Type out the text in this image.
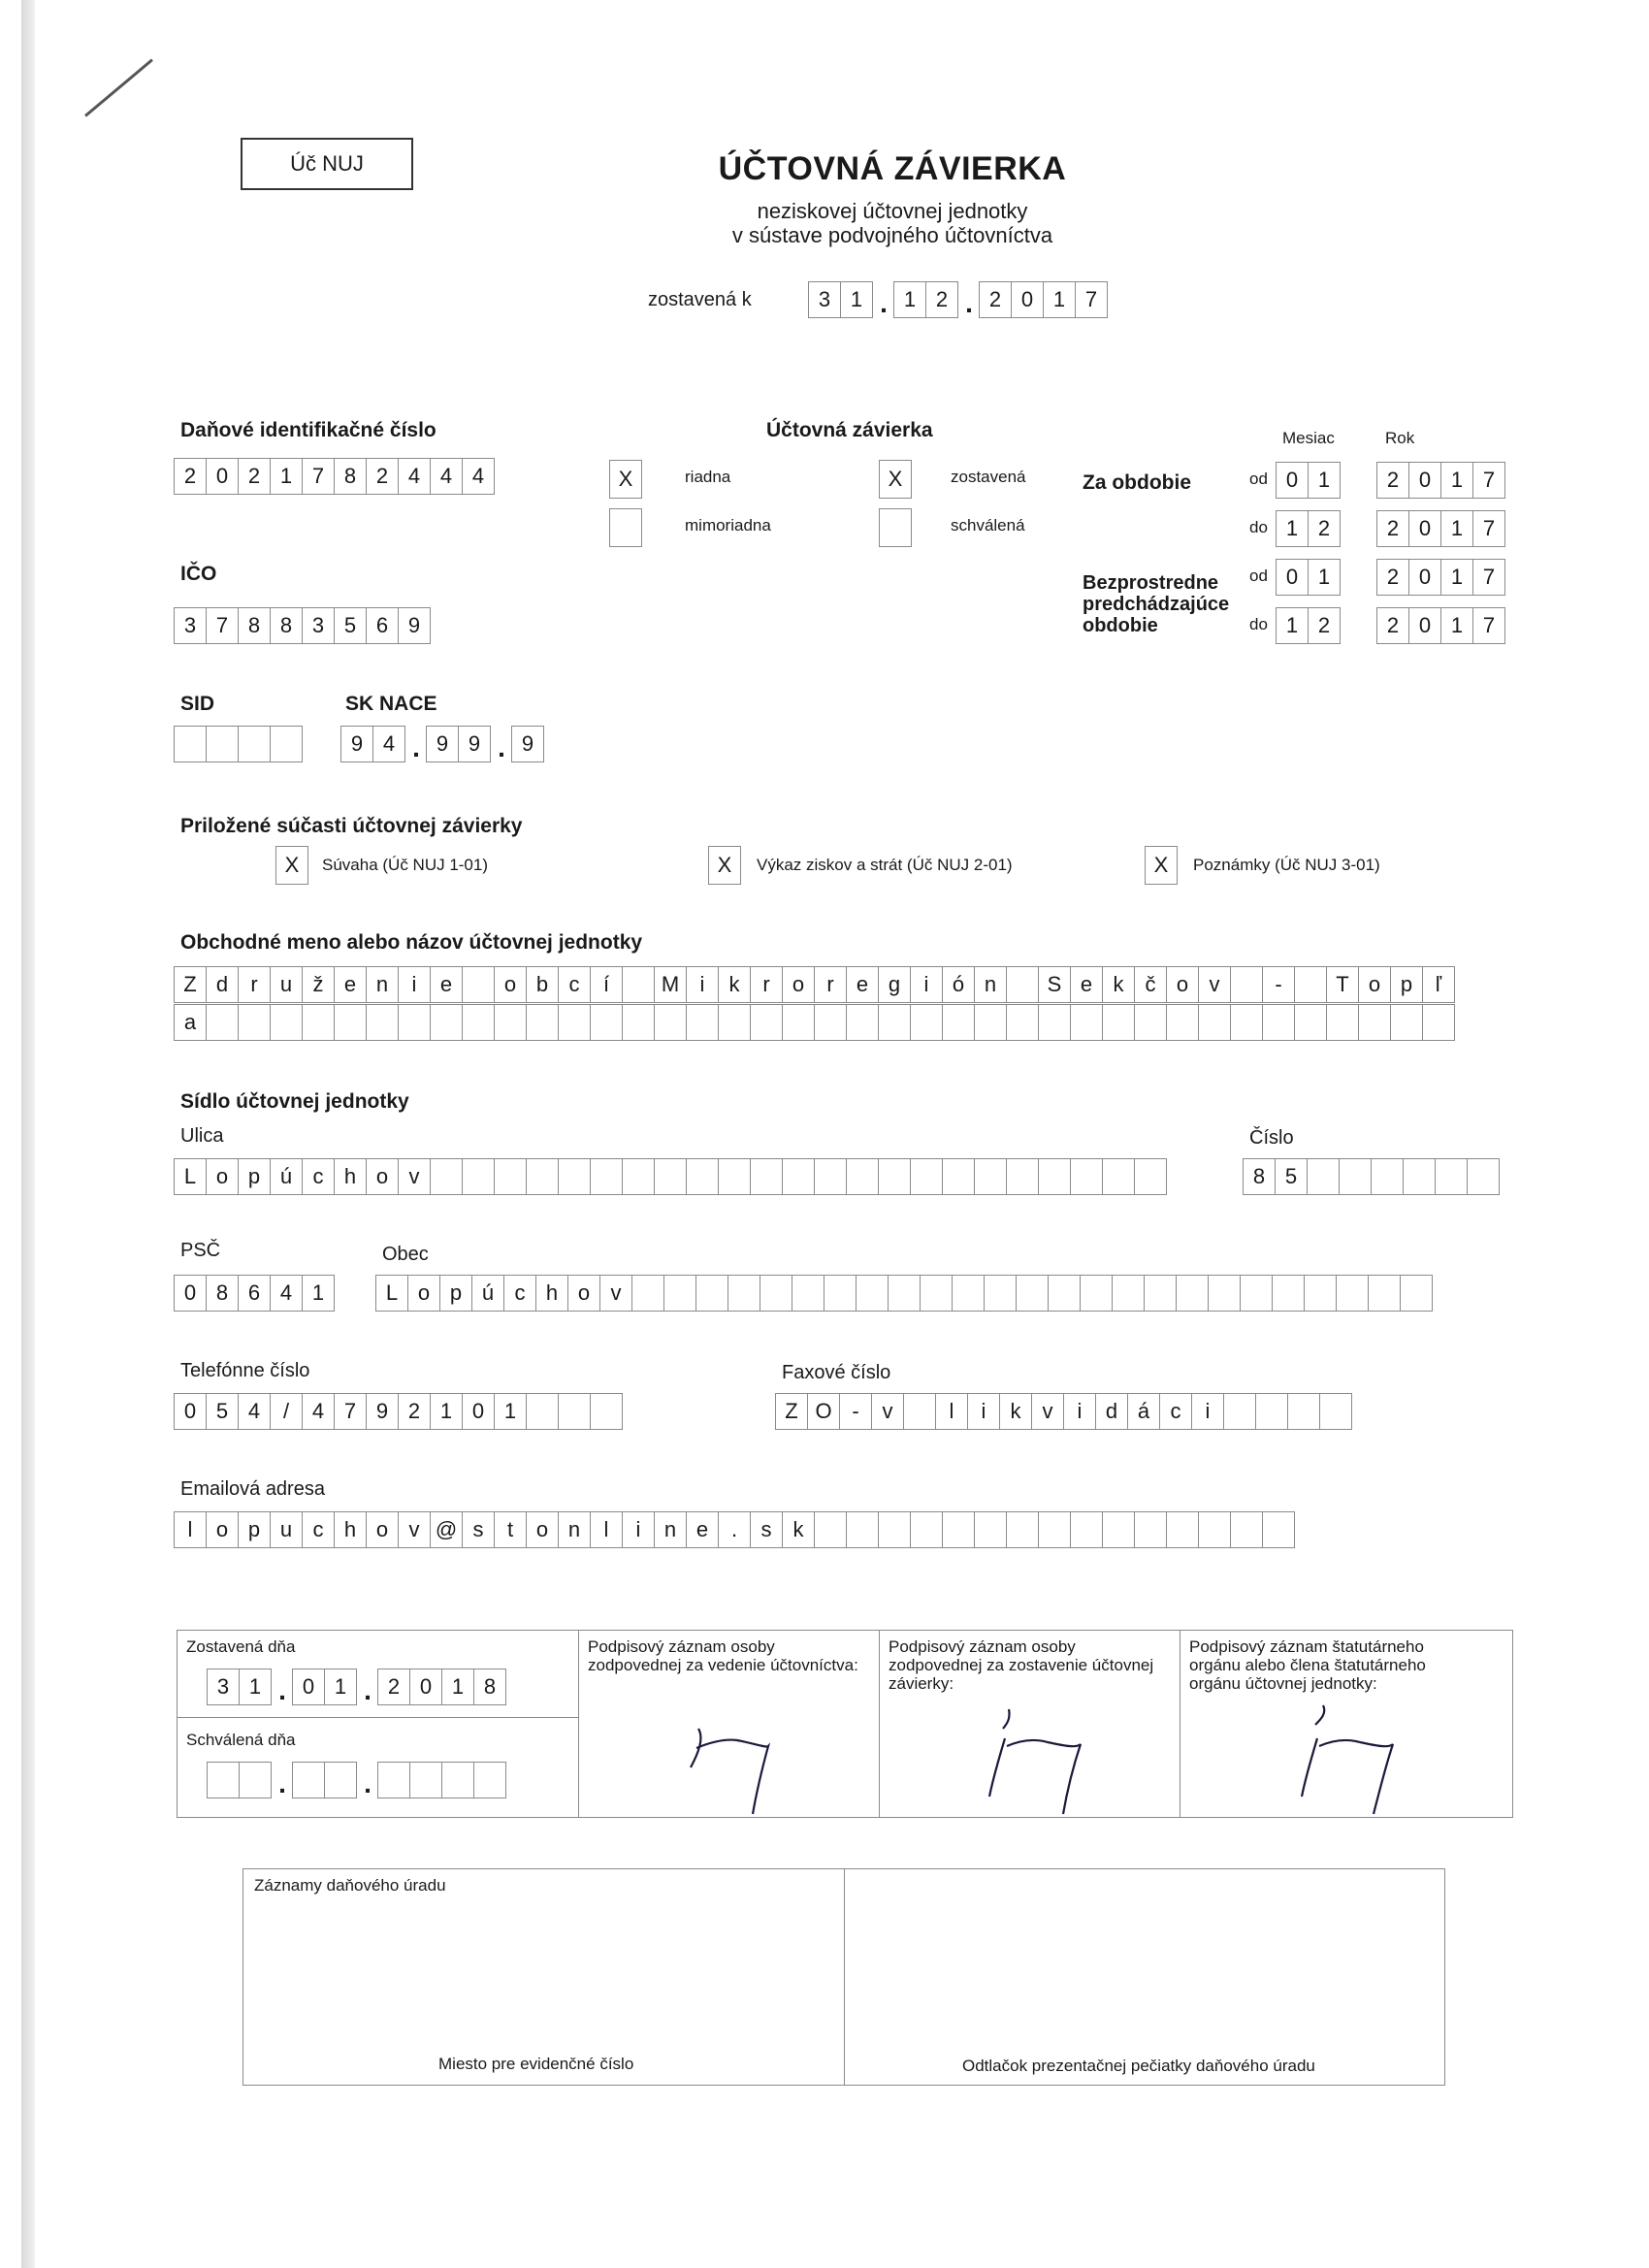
Úč NUJ	ÚČTOVNÁ ZÁVIERKA
neziskovej účtovnej jednotky
v sústave podvojného účtovníctva
zostavená k	3 1 . 1 2 . 2 0 1 7
Daňové identifikačné číslo
2 0 2 1 7 8 2 4 4 4
IČO
3 7 8 8 3 5 6 9
Účtovná závierka
X	riadna
mimoriadna
X	zostavená
schválená
Mesiac	Rok
Za obdobie
Bezprostredne
predchádzajúce
obdobie
od 0 1	2 0 1 7
do 1 2	2 0 1 7
od 0 1	2 0 1 7
do 1 2	2 0 1 7
SID	SK NACE
9 4 . 9 9 . 9
Priložené súčasti účtovnej závierky
X	Súvaha (Úč NUJ 1-01)	X	Výkaz ziskov a strát (Úč NUJ 2-01)	X	Poznámky (Úč NUJ 3-01)
Obchodné meno alebo názov účtovnej jednotky
Z d	r	u ž e n	i	e	o b c	í	M i	k	r	o	r	e g	i	ó n	S e k	č o v	-	T o p	ľ
a
Sídlo účtovnej jednotky
Ulica
L o p ú c h o v
Číslo
8 5
PSČ
0 8 6 4 1
Obec
L o p ú c h o v
Telefónne číslo
0 5 4	/	4 7 9 2 1 0 1
Faxové číslo
Z O -	v	l	i	k	v	i	d á c	i
Emailová adresa
l	o p u c h o v @ s	t	o n	l	i	n e	.	s	k
Zostavená dňa
3 1 . 0 1 . 2 0 1 8
Schválená dňa
.	.
Podpisový záznam osoby zodpovednej za vedenie účtovníctva:
Podpisový záznam osoby zodpovednej za zostavenie účtovnej závierky:
Podpisový záznam štatutárneho orgánu alebo člena štatutárneho orgánu účtovnej jednotky:
Záznamy daňového úradu
Miesto pre evidenčné číslo	Odtlačok prezentačnej pečiatky daňového úradu
